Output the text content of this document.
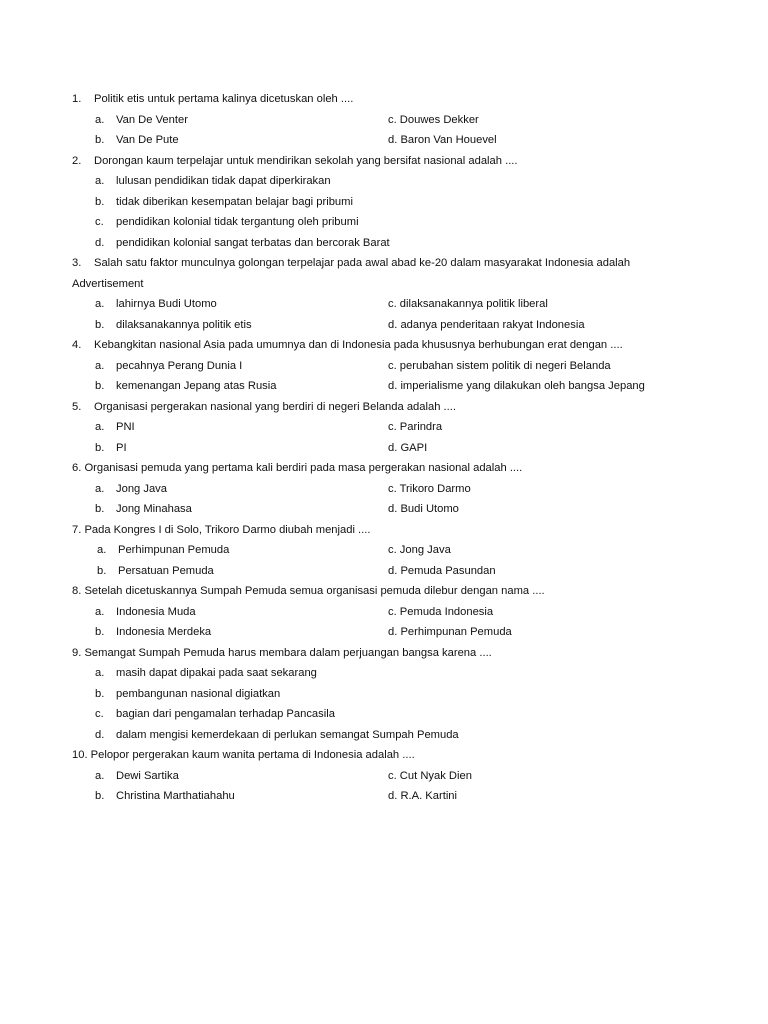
1. Politik etis untuk pertama kalinya dicetuskan oleh ....
a. Van De Venter	c. Douwes Dekker
b. Van De Pute	d. Baron Van Houevel
2. Dorongan kaum terpelajar untuk mendirikan sekolah yang bersifat nasional adalah ....
a. lulusan pendidikan tidak dapat diperkirakan
b. tidak diberikan kesempatan belajar bagi pribumi
c. pendidikan kolonial tidak tergantung oleh pribumi
d. pendidikan kolonial sangat terbatas dan bercorak Barat
3. Salah satu faktor munculnya golongan terpelajar pada awal abad ke-20 dalam masyarakat Indonesia adalah
Advertisement
a. lahirnya Budi Utomo	c. dilaksanakannya politik liberal
b. dilaksanakannya politik etis	d. adanya penderitaan rakyat Indonesia
4. Kebangkitan nasional Asia pada umumnya dan di Indonesia pada khususnya berhubungan erat dengan ....
a. pecahnya Perang Dunia I	c. perubahan sistem politik di negeri Belanda
b. kemenangan Jepang atas Rusia	d. imperialisme yang dilakukan oleh bangsa Jepang
5. Organisasi pergerakan nasional yang berdiri di negeri Belanda adalah ....
a. PNI	c. Parindra
b. PI	d. GAPI
6. Organisasi pemuda yang pertama kali berdiri pada masa pergerakan nasional adalah ....
a. Jong Java	c. Trikoro Darmo
b. Jong Minahasa	d. Budi Utomo
7. Pada Kongres I di Solo, Trikoro Darmo diubah menjadi ....
a. Perhimpunan Pemuda	c. Jong Java
b. Persatuan Pemuda	d. Pemuda Pasundan
8. Setelah dicetuskannya Sumpah Pemuda semua organisasi pemuda dilebur dengan nama ....
a. Indonesia Muda	c. Pemuda Indonesia
b. Indonesia Merdeka	d. Perhimpunan Pemuda
9. Semangat Sumpah Pemuda harus membara dalam perjuangan bangsa karena ....
a. masih dapat dipakai pada saat sekarang
b. pembangunan nasional digiatkan
c. bagian dari pengamalan terhadap Pancasila
d. dalam mengisi kemerdekaan di perlukan semangat Sumpah Pemuda
10. Pelopor pergerakan kaum wanita pertama di Indonesia adalah ....
a. Dewi Sartika	c. Cut Nyak Dien
b. Christina Marthatiahahu	d. R.A. Kartini
